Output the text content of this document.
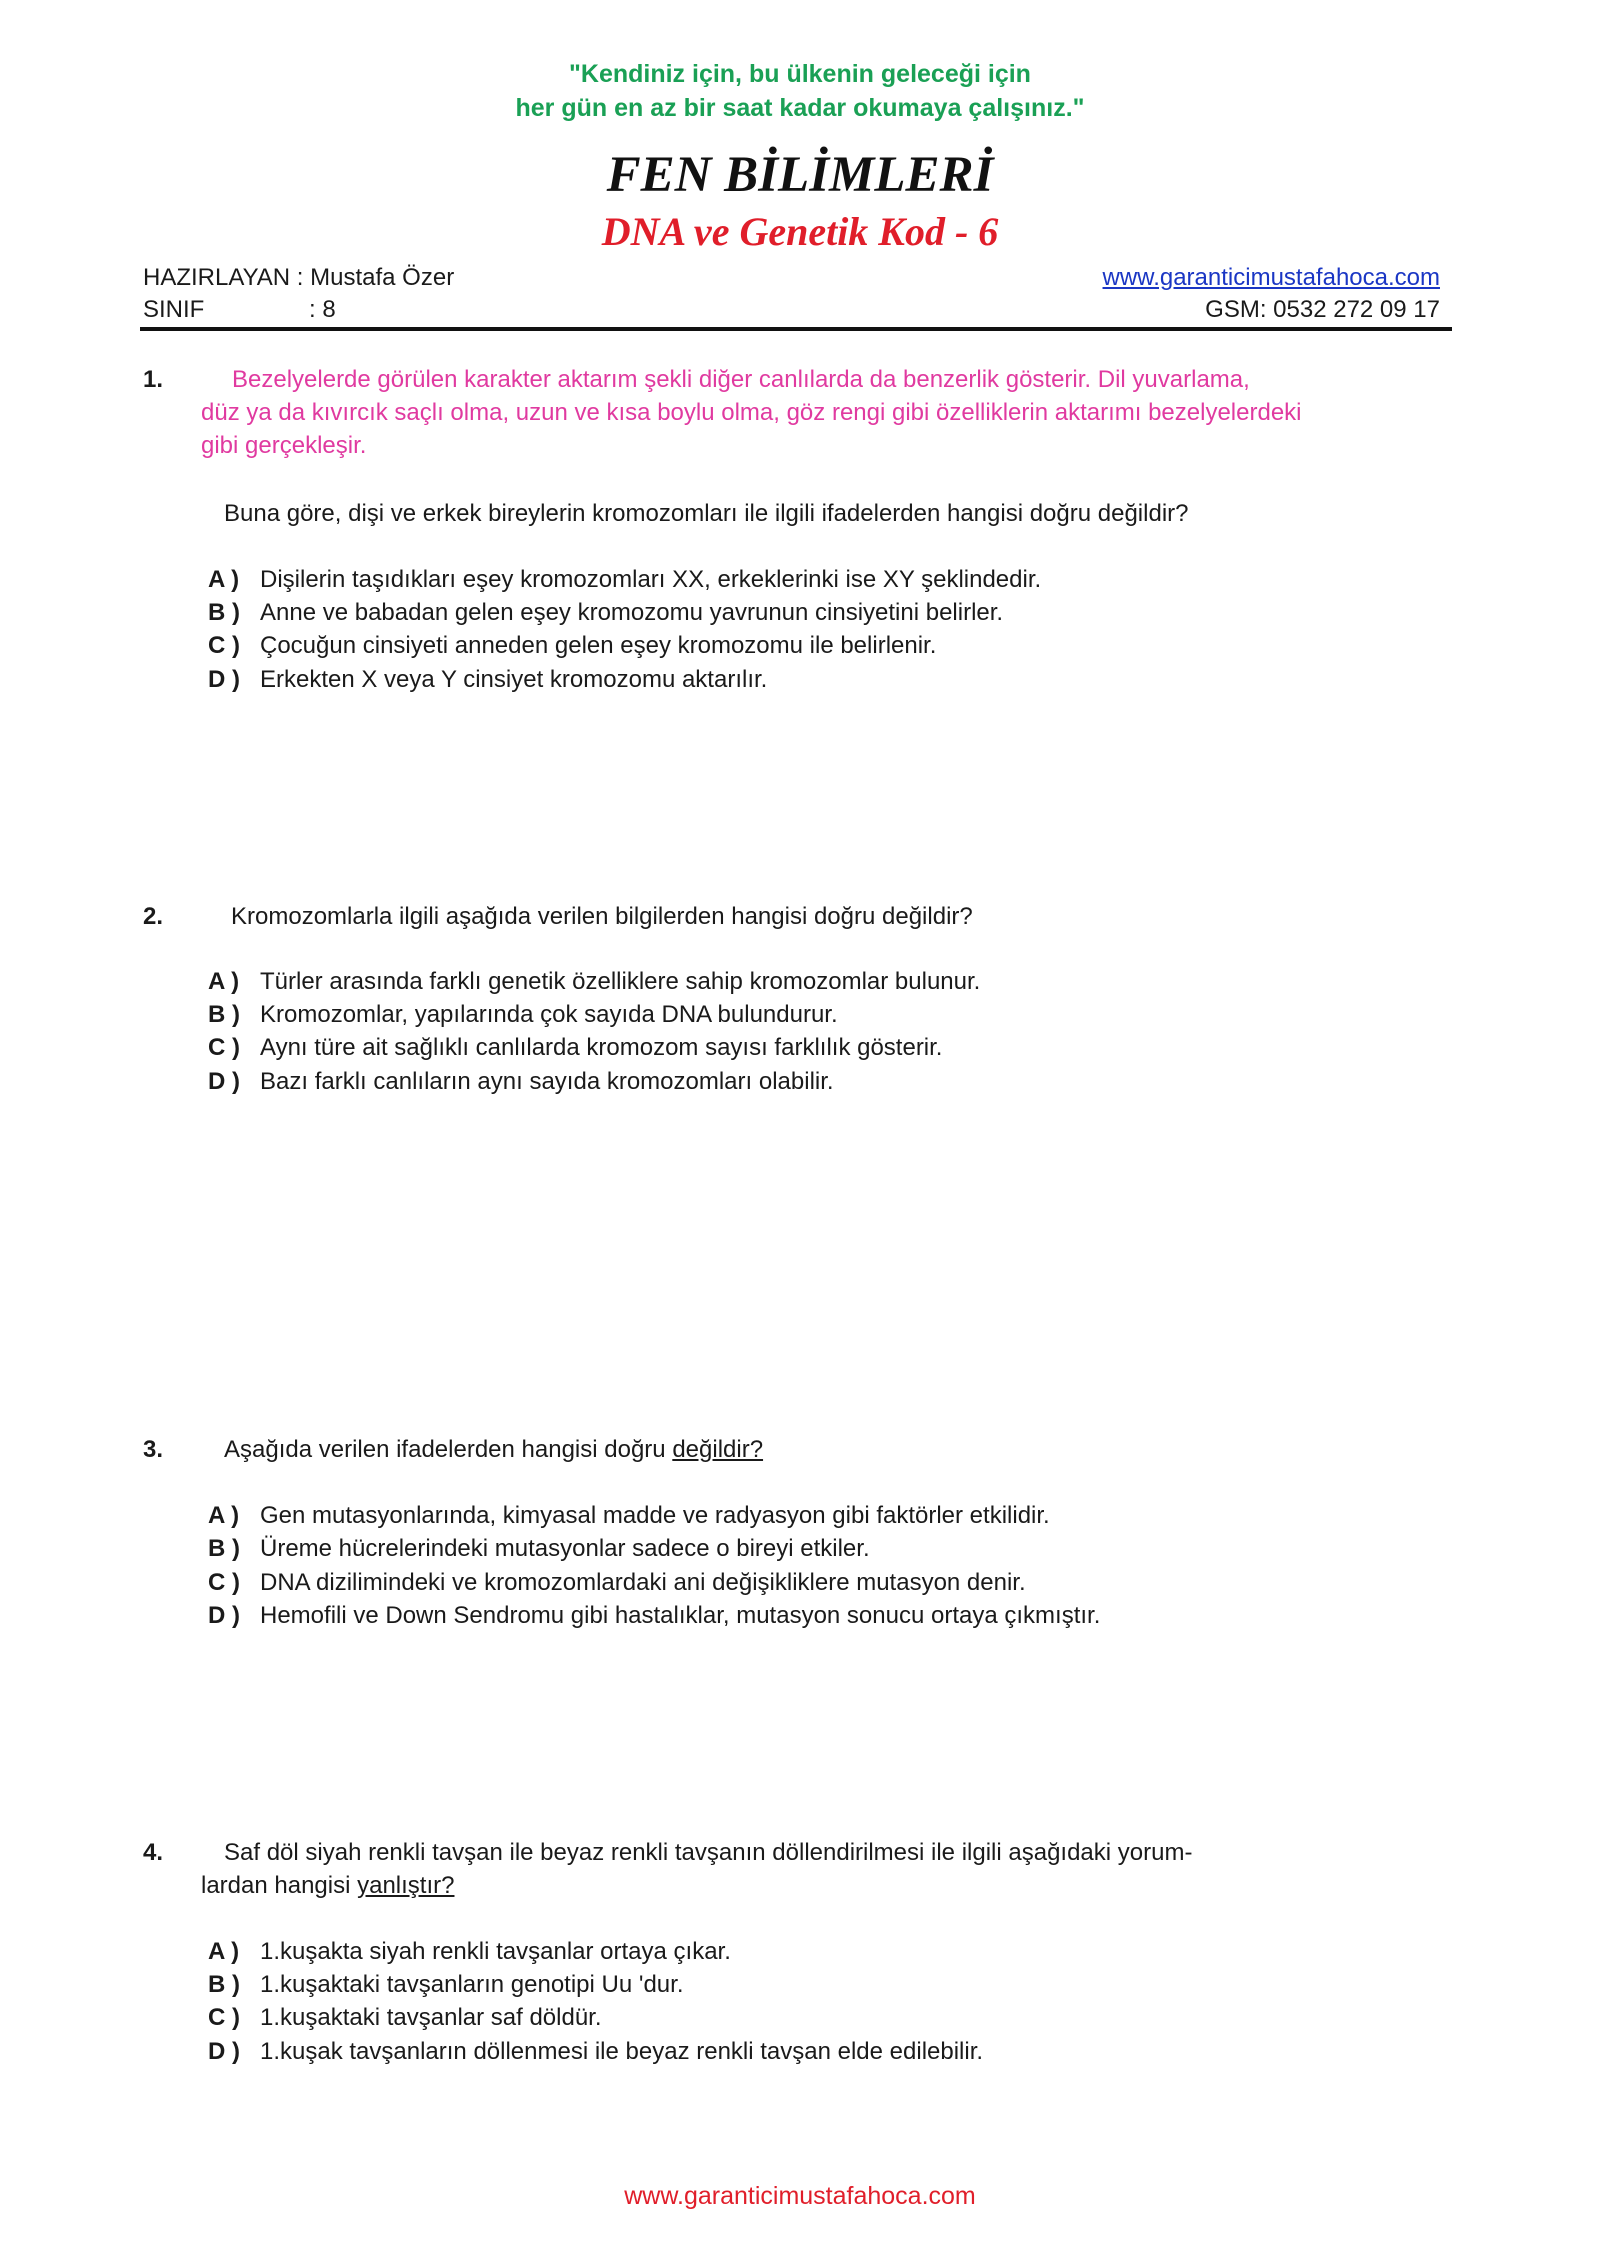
"Kendiniz için, bu ülkenin geleceği için
her gün en az bir saat kadar okumaya çalışınız."
FEN BİLİMLERİ
DNA ve Genetik Kod - 6
HAZIRLAYAN : Mustafa Özer
SINIF	: 8
www.garanticimustafahoca.com
GSM: 0532 272 09 17
1.	Bezelyelerde görülen karakter aktarım şekli diğer canlılarda da benzerlik gösterir. Dil yuvarlama,
düz ya da kıvırcık saçlı olma, uzun ve kısa boylu olma, göz rengi gibi özelliklerin aktarımı bezelyelerdeki
gibi gerçekleşir.
Buna göre, dişi ve erkek bireylerin kromozomları ile ilgili ifadelerden hangisi doğru değildir?
A ) Dişilerin taşıdıkları eşey kromozomları XX, erkeklerinki ise XY şeklindedir.
B ) Anne ve babadan gelen eşey kromozomu yavrunun cinsiyetini belirler.
C ) Çocuğun cinsiyeti anneden gelen eşey kromozomu ile belirlenir.
D ) Erkekten X veya Y cinsiyet kromozomu aktarılır.
2.	Kromozomlarla ilgili aşağıda verilen bilgilerden hangisi doğru değildir?
A ) Türler arasında farklı genetik özelliklere sahip kromozomlar bulunur.
B ) Kromozomlar, yapılarında çok sayıda DNA bulundurur.
C ) Aynı türe ait sağlıklı canlılarda kromozom sayısı farklılık gösterir.
D ) Bazı farklı canlıların aynı sayıda kromozomları olabilir.
3.	Aşağıda verilen ifadelerden hangisi doğru değildir?
A ) Gen mutasyonlarında, kimyasal madde ve radyasyon gibi faktörler etkilidir.
B ) Üreme hücrelerindeki mutasyonlar sadece o bireyi etkiler.
C ) DNA dizilimindeki ve kromozomlardaki ani değişikliklere mutasyon denir.
D ) Hemofili ve Down Sendromu gibi hastalıklar, mutasyon sonucu ortaya çıkmıştır.
4.	Saf döl siyah renkli tavşan ile beyaz renkli tavşanın döllendirilmesi ile ilgili aşağıdaki yorum-
lardan hangisi yanlıştır?
A ) 1.kuşakta siyah renkli tavşanlar ortaya çıkar.
B ) 1.kuşaktaki tavşanların genotipi Uu 'dur.
C ) 1.kuşaktaki tavşanlar saf döldür.
D ) 1.kuşak tavşanların döllenmesi ile beyaz renkli tavşan elde edilebilir.
www.garanticimustafahoca.com
